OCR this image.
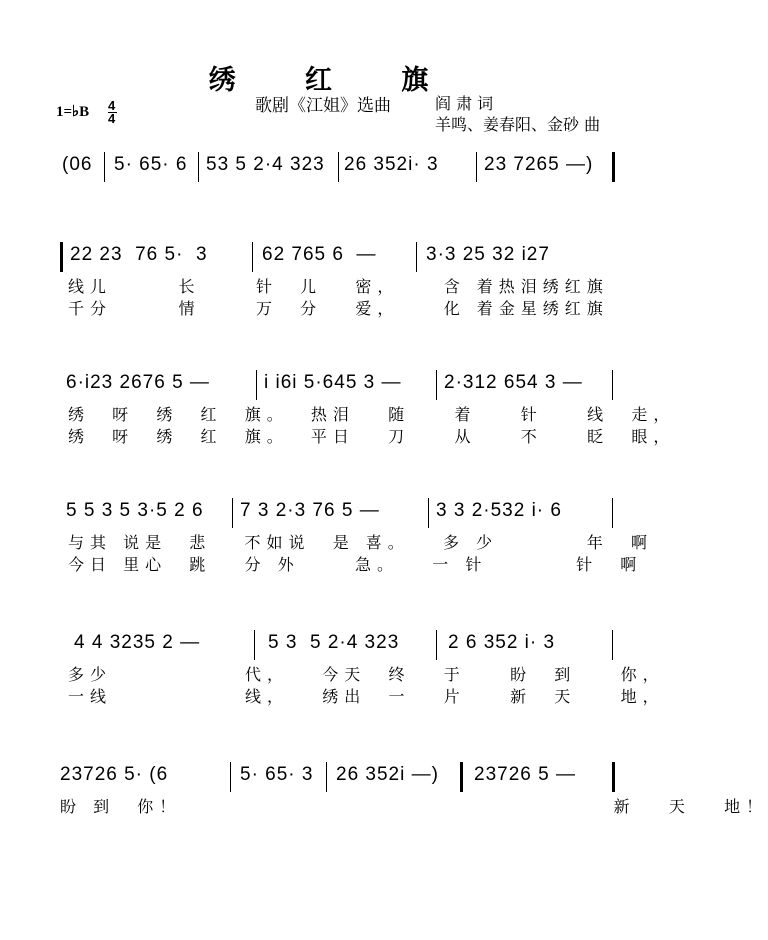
绣 红 旗
1=♭B 4
4
歌剧《江姐》选曲	阎 肃 词
羊鸣、姜春阳、金砂 曲

(06

5· 65· 6

53 5 2·4 323

26 352i· 3

23 7265 —)

22 23  76 5·  3

	62 765 6  —

	3·3 25 32 i27

线儿      长     针  儿   密，    含 着热泪绣红旗
千分      情     万  分   爱，    化 着金星绣红旗

6·i23 2676 5 —

	i i6i 5·645 3 —

2·312 654 3 —

绣  呀  绣  红  旗。  热泪   随    着    针    线  走，
绣  呀  绣  红  旗。  平日   刀    从    不    眨  眼，

5 5 3 5 3·5 2 6

7 3 2·3 76 5 —

	3 3 2·532 i· 6

与其 说是  悲   不如说  是 喜。   多 少        年  啊
今日 里心  跳   分 外     急。   一 针        针  啊

4 4 3235 2 —

	5 3  5 2·4 323

	2 6 352 i· 3

多少            代，   今天  终   于    盼  到    你，
一线            线，   绣出  一   片    新  天    地，

23726 5· (6

	5· 65· 3

26 352i —)

23726 5 —

盼 到  你！                                       新   天   地！
